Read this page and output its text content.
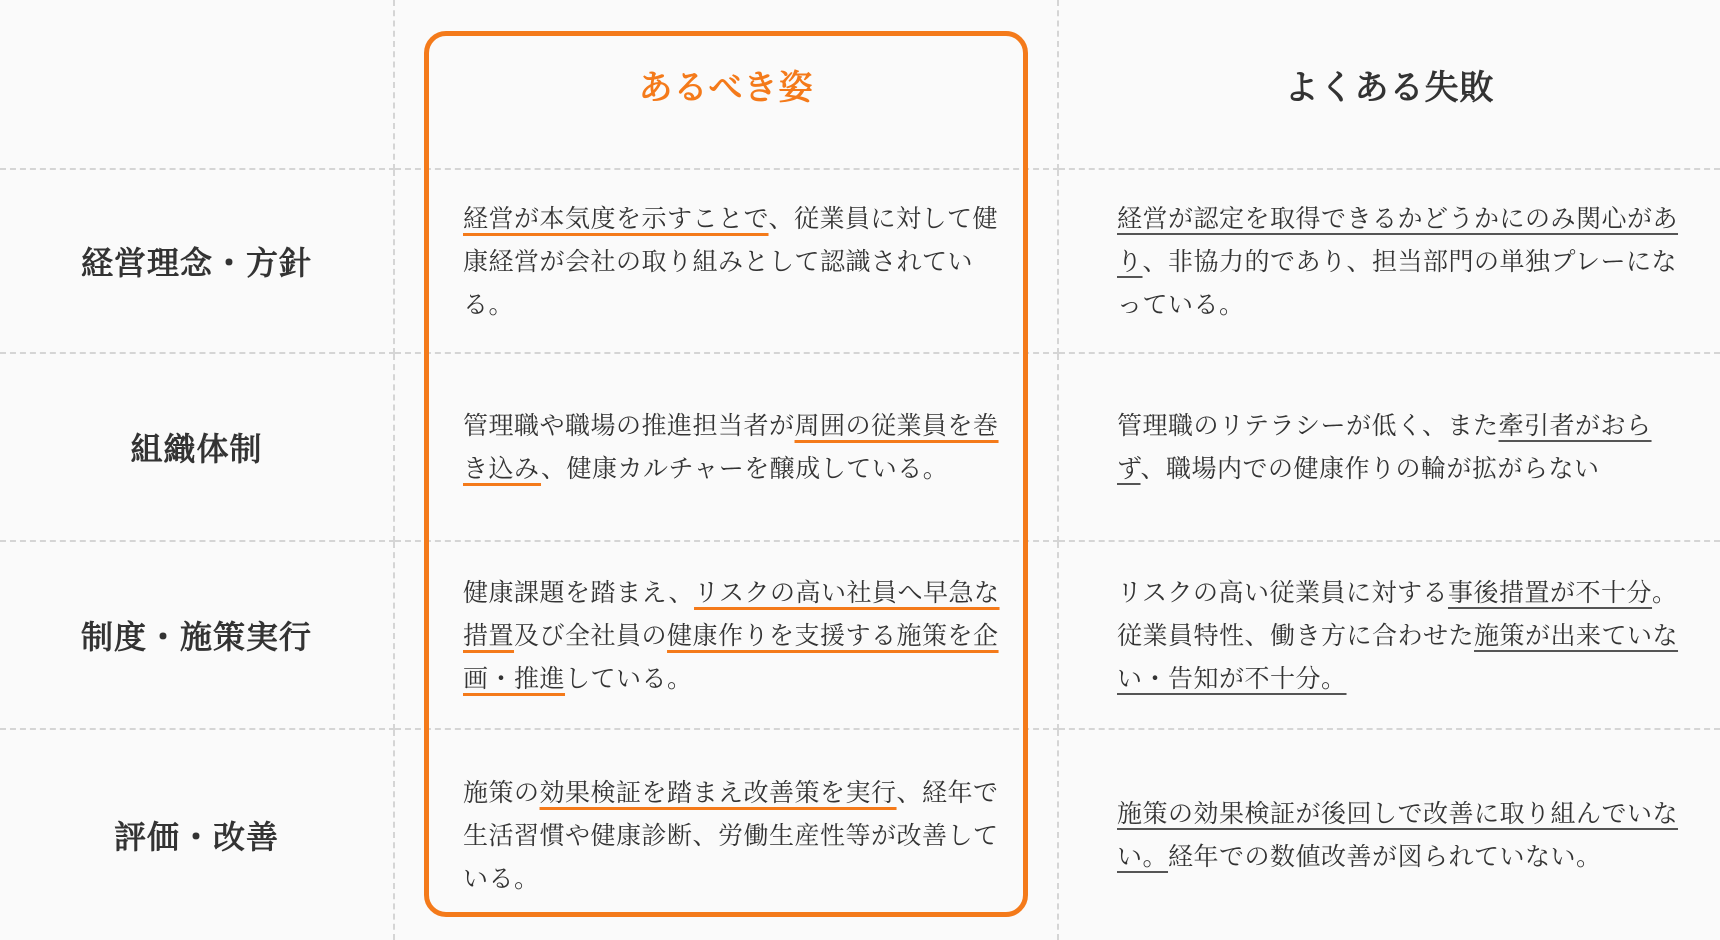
あるべき姿	よくある失敗
経営理念・方針
経営が本気度を示すことで、従業員に対して健康経営が会社の取り組みとして認識されている。
経営が認定を取得できるかどうかにのみ関心があり、非協力的であり、担当部門の単独プレーになっている。
組織体制
管理職や職場の推進担当者が周囲の従業員を巻き込み、健康カルチャーを醸成している。
管理職のリテラシーが低く、また牽引者がおらず、職場内での健康作りの輪が拡がらない
制度・施策実行
健康課題を踏まえ、リスクの高い社員へ早急な措置及び全社員の健康作りを支援する施策を企画・推進している。
リスクの高い従業員に対する事後措置が不十分。従業員特性、働き方に合わせた施策が出来ていない・告知が不十分。
評価・改善
施策の効果検証を踏まえ改善策を実行、経年で生活習慣や健康診断、労働生産性等が改善している。
施策の効果検証が後回しで改善に取り組んでいない。経年での数値改善が図られていない。
